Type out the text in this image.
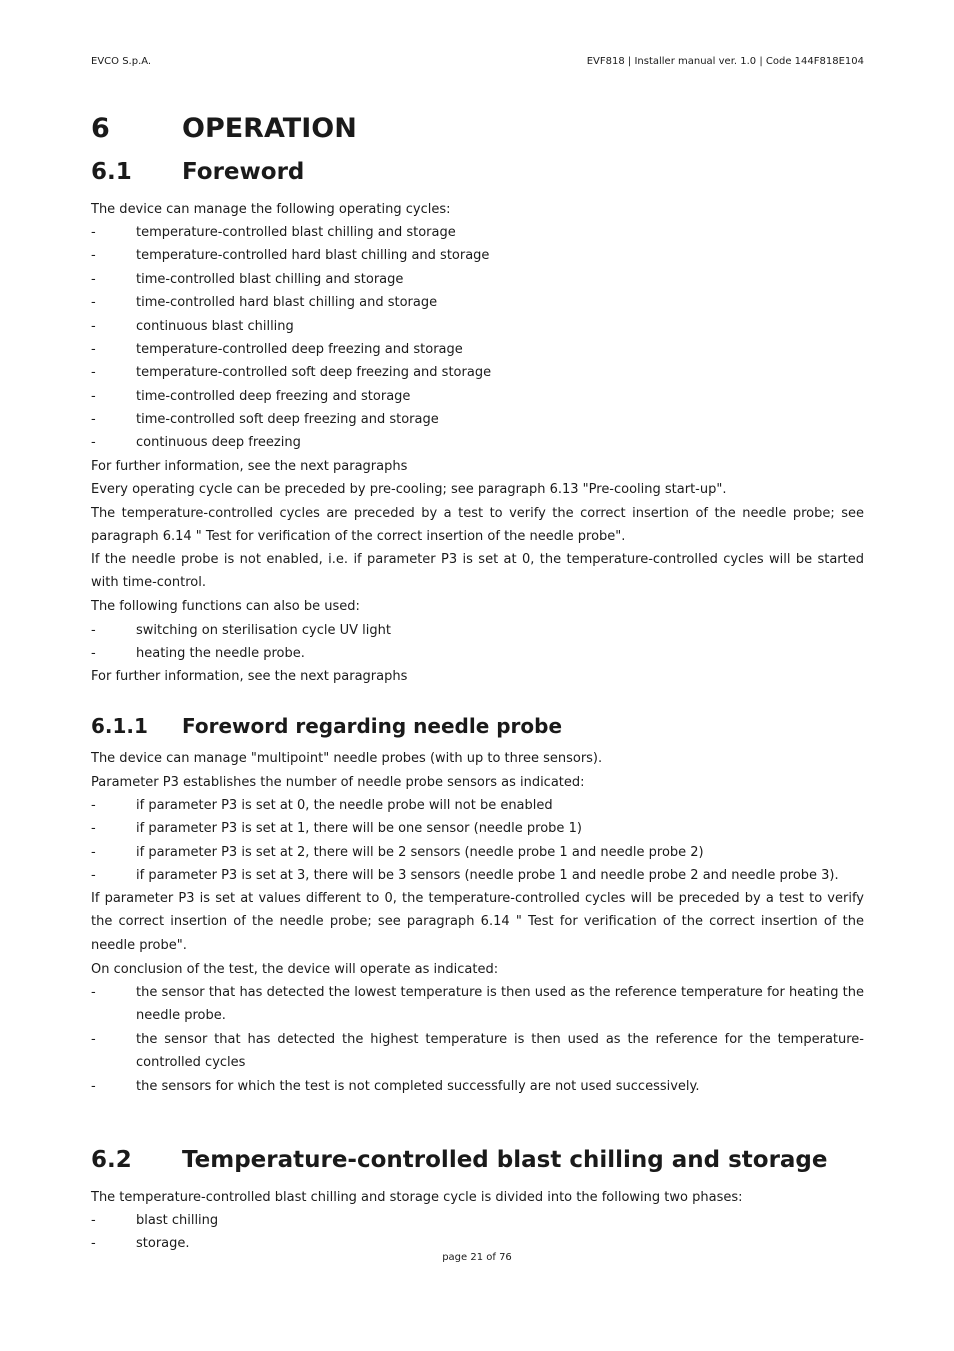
EVCO S.p.A.	EVF818 | Installer manual ver. 1.0 | Code 144F818E104
6	OPERATION
6.1 Foreword
The device can manage the following operating cycles:
-	temperature-controlled blast chilling and storage
-	temperature-controlled hard blast chilling and storage
-	time-controlled blast chilling and storage
-	time-controlled hard blast chilling and storage
-	continuous blast chilling
-	temperature-controlled deep freezing and storage
-	temperature-controlled soft deep freezing and storage
-	time-controlled deep freezing and storage
-	time-controlled soft deep freezing and storage
-	continuous deep freezing
For further information, see the next paragraphs
Every operating cycle can be preceded by pre-cooling; see paragraph 6.13 "Pre-cooling start-up".
The temperature-controlled cycles are preceded by a test to verify the correct insertion of the needle probe; see paragraph 6.14 " Test for verification of the correct insertion of the needle probe".
If the needle probe is not enabled, i.e. if parameter P3 is set at 0, the temperature-controlled cycles will be started with time-control.
The following functions can also be used:
-	switching on sterilisation cycle UV light
-	heating the needle probe.
For further information, see the next paragraphs
6.1.1 Foreword regarding needle probe
The device can manage "multipoint" needle probes (with up to three sensors).
Parameter P3 establishes the number of needle probe sensors as indicated:
-	if parameter P3 is set at 0, the needle probe will not be enabled
-	if parameter P3 is set at 1, there will be one sensor (needle probe 1)
-	if parameter P3 is set at 2, there will be 2 sensors (needle probe 1 and needle probe 2)
-	if parameter P3 is set at 3, there will be 3 sensors (needle probe 1 and needle probe 2 and needle probe 3).
If parameter P3 is set at values different to 0, the temperature-controlled cycles will be preceded by a test to verify the correct insertion of the needle probe; see paragraph 6.14 " Test for verification of the correct insertion of the needle probe".
On conclusion of the test, the device will operate as indicated:
-	the sensor that has detected the lowest temperature is then used as the reference temperature for heating the needle probe.
-	the sensor that has detected the highest temperature is then used as the reference for the temperature-controlled cycles
-	the sensors for which the test is not completed successfully are not used successively.
6.2 Temperature-controlled blast chilling and storage
The temperature-controlled blast chilling and storage cycle is divided into the following two phases:
-	blast chilling
-	storage.
page 21 of 76
